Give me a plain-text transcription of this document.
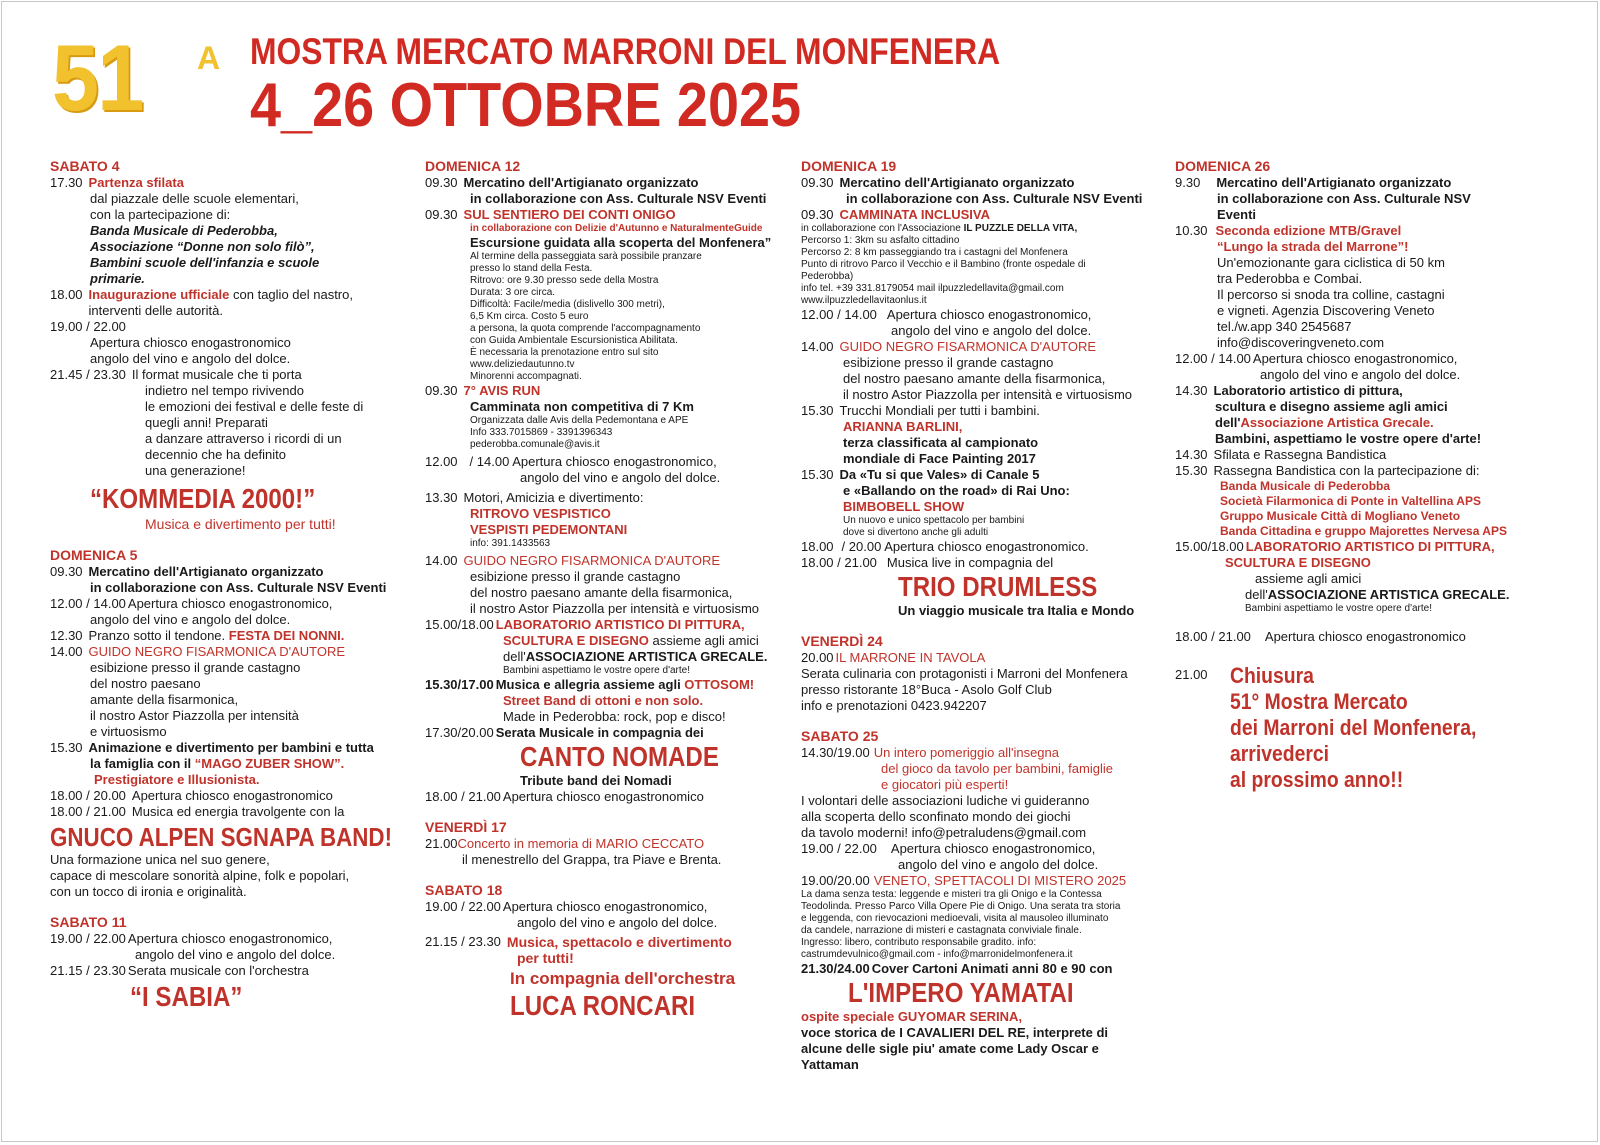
51 A MOSTRA MERCATO MARRONI DEL MONFENERA
4_26 OTTOBRE 2025
SABATO 4
17.30 Partenza sfilata

dal piazzale delle scuole elementari,

con la partecipazione di:

Banda Musicale di Pederobba,

Associazione “Donne non solo filò”,

Bambini scuole dell'infanzia e scuole

primarie.

18.00 Inaugurazione ufficiale con taglio del nastro,

interventi delle autorità.

19.00 / 22.00

Apertura chiosco enogastronomico

angolo del vino e angolo del dolce.

21.45 / 23.30 Il format musicale che ti porta

indietro nel tempo rivivendo

le emozioni dei festival e delle feste di

quegli anni! Preparati

a danzare attraverso i ricordi di un

decennio che ha definito

una generazione!

“KOMMEDIA 2000!”
Musica e divertimento per tutti!
DOMENICA 5
09.30 Mercatino dell'Artigianato organizzato

in collaborazione con Ass. Culturale NSV Eventi

12.00 / 14.00 Apertura chiosco enogastronomico,

angolo del vino e angolo del dolce.

12.30 Pranzo sotto il tendone. FESTA DEI NONNI.

14.00 GUIDO NEGRO FISARMONICA D'AUTORE

esibizione presso il grande castagno

del nostro paesano

amante della fisarmonica,

il nostro Astor Piazzolla per intensità

e virtuosismo

15.30 Animazione e divertimento per bambini e tutta

la famiglia con il “MAGO ZUBER SHOW”.

Prestigiatore e Illusionista.

18.00 / 20.00 Apertura chiosco enogastronomico

18.00 / 21.00 Musica ed energia travolgente con la

GNUCO ALPEN SGNAPA BAND!

Una formazione unica nel suo genere,

capace di mescolare sonorità alpine, folk e popolari,

con un tocco di ironia e originalità.

SABATO 11
19.00 / 22.00 Apertura chiosco enogastronomico,

angolo del vino e angolo del dolce.

21.15 / 23.30 Serata musicale con l'orchestra

“I SABIA”
DOMENICA 12
09.30 Mercatino dell'Artigianato organizzato

in collaborazione con Ass. Culturale NSV Eventi

09.30 SUL SENTIERO DEI CONTI ONIGO

in collaborazione con Delizie d'Autunno e NaturalmenteGuide

Escursione guidata alla scoperta del Monfenera”

Al termine della passeggiata sarà possibile pranzare

presso lo stand della Festa.

Ritrovo: ore 9.30 presso sede della Mostra

Durata: 3 ore circa.

Difficoltà: Facile/media (dislivello 300 metri),

6,5 Km circa. Costo 5 euro

a persona, la quota comprende l'accompagnamento

con Guida Ambientale Escursionistica Abilitata.

È necessaria la prenotazione entro sul sito

www.deliziedautunno.tv

Minorenni accompagnati.

09.30 7° AVIS RUN

Camminata non competitiva di 7 Km

Organizzata dalle Avis della Pedemontana e APE

Info 333.7015869 - 3391396343

pederobba.comunale@avis.it

12.00 / 14.00 Apertura chiosco enogastronomico,

angolo del vino e angolo del dolce.

13.30 Motori, Amicizia e divertimento:

RITROVO VESPISTICO

VESPISTI PEDEMONTANI

info: 391.1433563

14.00 GUIDO NEGRO FISARMONICA D'AUTORE

esibizione presso il grande castagno

del nostro paesano amante della fisarmonica,

il nostro Astor Piazzolla per intensità e virtuosismo

15.00/18.00 LABORATORIO ARTISTICO DI PITTURA,

SCULTURA E DISEGNO assieme agli amici

dell'ASSOCIAZIONE ARTISTICA GRECALE.

Bambini aspettiamo le vostre opere d'arte!

15.30/17.00 Musica e allegria assieme agli OTTOSOM!

Street Band di ottoni e non solo.

Made in Pederobba: rock, pop e disco!

17.30/20.00 Serata Musicale in compagnia dei

CANTO NOMADE

Tribute band dei Nomadi

18.00 / 21.00 Apertura chiosco enogastronomico

VENERDÌ 17
21.00 Concerto in memoria di MARIO CECCATO

il menestrello del Grappa, tra Piave e Brenta.

SABATO 18
19.00 / 22.00 Apertura chiosco enogastronomico,

angolo del vino e angolo del dolce.

21.15 / 23.30 Musica, spettacolo e divertimento

per tutti!

In compagnia dell'orchestra
LUCA RONCARI
DOMENICA 19
09.30 Mercatino dell'Artigianato organizzato

in collaborazione con Ass. Culturale NSV Eventi

09.30 CAMMINATA INCLUSIVA

in collaborazione con l'Associazione IL PUZZLE DELLA VITA,

Percorso 1: 3km su asfalto cittadino

Percorso 2: 8 km passeggiando tra i castagni del Monfenera

Punto di ritrovo Parco il Vecchio e il Bambino (fronte ospedale di

Pederobba)

info tel. +39 331.8179054 mail ilpuzzledellavita@gmail.com

www.ilpuzzledellavitaonlus.it

12.00 / 14.00 Apertura chiosco enogastronomico,

angolo del vino e angolo del dolce.

14.00 GUIDO NEGRO FISARMONICA D'AUTORE

esibizione presso il grande castagno

del nostro paesano amante della fisarmonica,

il nostro Astor Piazzolla per intensità e virtuosismo

15.30 Trucchi Mondiali per tutti i bambini.

ARIANNA BARLINI,

terza classificata al campionato

mondiale di Face Painting 2017

15.30 Da «Tu si que Vales» di Canale 5

e «Ballando on the road» di Rai Uno:

BIMBOBELL SHOW

Un nuovo e unico spettacolo per bambini

dove si divertono anche gli adulti

18.00 / 20.00 Apertura chiosco enogastronomico.

18.00 / 21.00 Musica live in compagnia del

TRIO DRUMLESS

Un viaggio musicale tra Italia e Mondo

VENERDÌ 24
20.00 IL MARRONE IN TAVOLA

Serata culinaria con protagonisti i Marroni del Monfenera

presso ristorante 18°Buca - Asolo Golf Club

info e prenotazioni 0423.942207

SABATO 25
14.30/19.00 Un intero pomeriggio all'insegna

del gioco da tavolo per bambini, famiglie

e giocatori più esperti!

I volontari delle associazioni ludiche vi guideranno

alla scoperta dello sconfinato mondo dei giochi

da tavolo moderni! info@petraludens@gmail.com

19.00 / 22.00	Apertura chiosco enogastronomico,

angolo del vino e angolo del dolce.

19.00/20.00 VENETO, SPETTACOLI DI MISTERO 2025

La dama senza testa: leggende e misteri tra gli Onigo e la Contessa

Teodolinda. Presso Parco Villa Opere Pie di Onigo. Una serata tra storia

e leggenda, con rievocazioni medioevali, visita al mausoleo illuminato

da candele, narrazione di misteri e castagnata conviviale finale.

Ingresso: libero, contributo responsabile gradito. info:

castrumdevulnico@gmail.com - info@marronidelmonfenera.it

21.30/24.00 Cover Cartoni Animati anni 80 e 90 con

L'IMPERO YAMATAI

ospite speciale GUYOMAR SERINA,

voce storica de I CAVALIERI DEL RE, interprete di

alcune delle sigle piu' amate come Lady Oscar e

Yattaman

DOMENICA 26
9.30	Mercatino dell'Artigianato organizzato

in collaborazione con Ass. Culturale NSV

Eventi

10.30 Seconda edizione MTB/Gravel

“Lungo la strada del Marrone”!

Un'emozionante gara ciclistica di 50 km

tra Pederobba e Combai.

Il percorso si snoda tra colline, castagni

e vigneti. Agenzia Discovering Veneto

tel./w.app 340 2545687

info@discoveringveneto.com

12.00 / 14.00 Apertura chiosco enogastronomico,

angolo del vino e angolo del dolce.

14.30 Laboratorio artistico di pittura,

scultura e disegno assieme agli amici

dell'Associazione Artistica Grecale.

Bambini, aspettiamo le vostre opere d'arte!

14.30 Sfilata e Rassegna Bandistica

15.30 Rassegna Bandistica con la partecipazione di:

Banda Musicale di Pederobba

Società Filarmonica di Ponte in Valtellina APS

Gruppo Musicale Città di Mogliano Veneto

Banda Cittadina e gruppo Majorettes Nervesa APS

15.00/18.00 LABORATORIO ARTISTICO DI PITTURA,

SCULTURA E DISEGNO

assieme agli amici

dell'ASSOCIAZIONE ARTISTICA GRECALE.

Bambini aspettiamo le vostre opere d'arte!

18.00 / 21.00	Apertura chiosco enogastronomico

21.00	Chiusura
51° Mostra Mercato
dei Marroni del Monfenera,
arrivederci
al prossimo anno!!
